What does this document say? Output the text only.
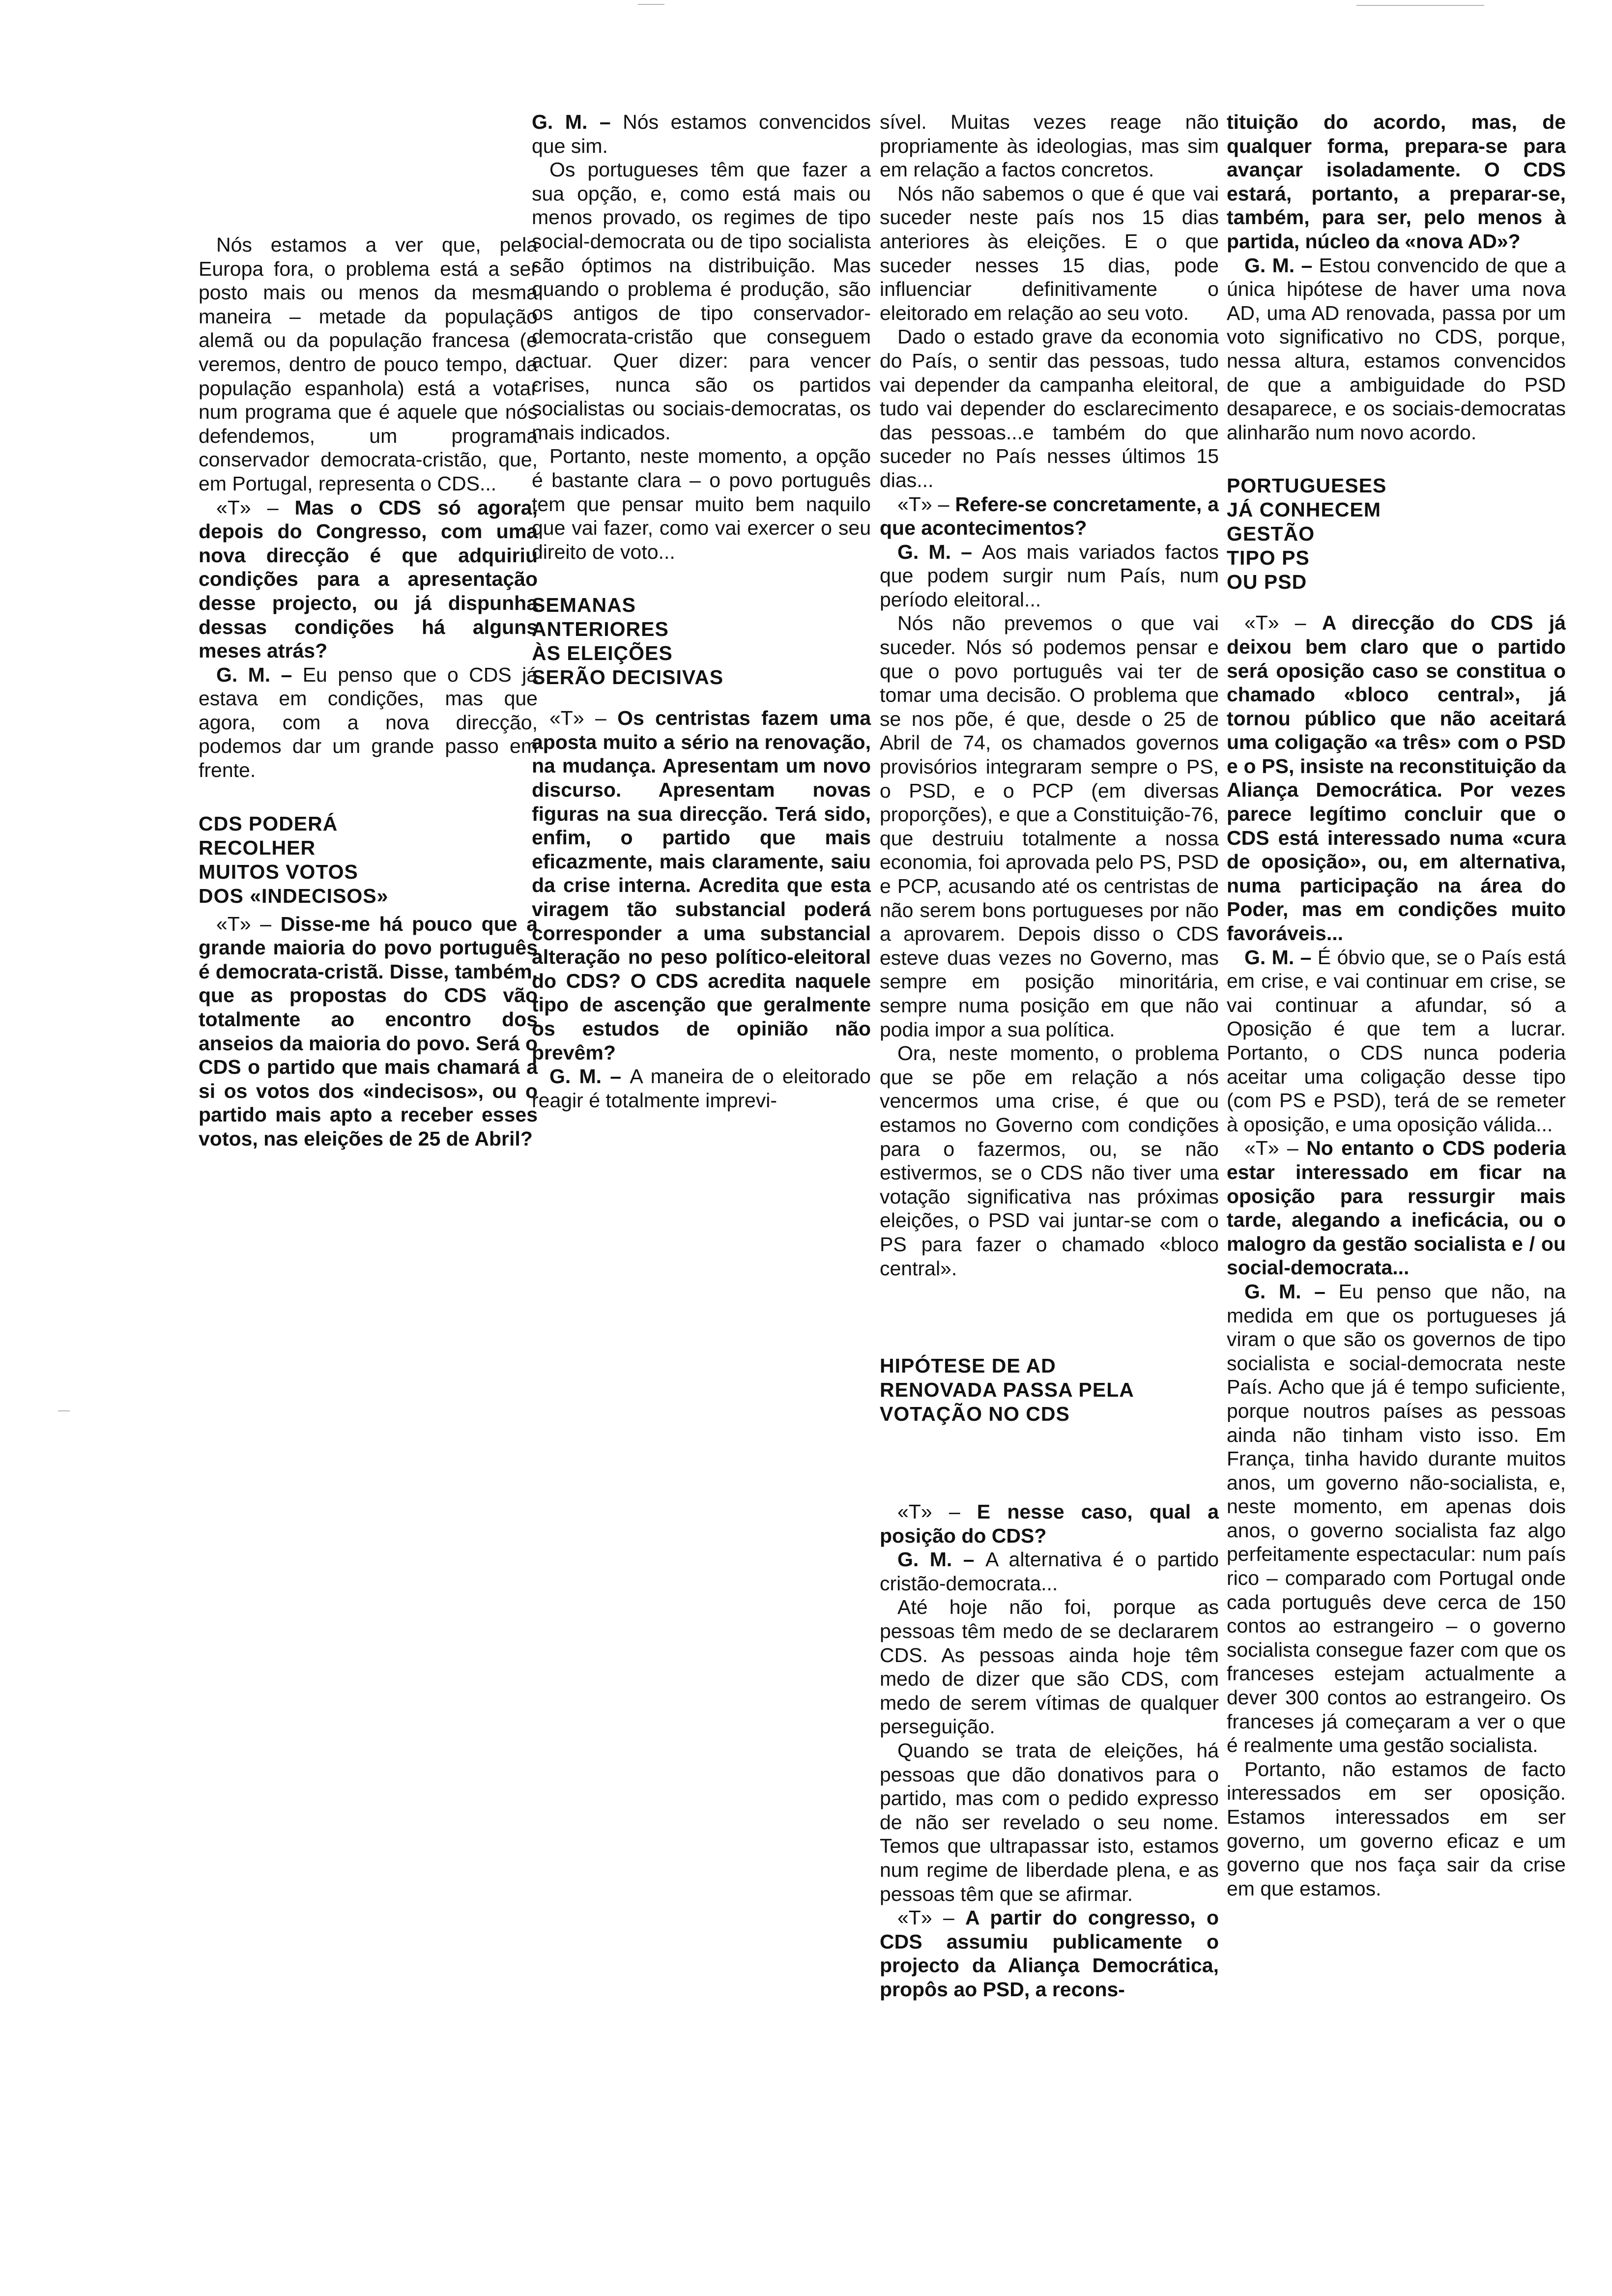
Nós estamos a ver que, pela Europa fora, o problema está a ser posto mais ou menos da mesma maneira – metade da população alemã ou da população francesa (e veremos, dentro de pouco tempo, da população espanhola) está a votar num programa que é aquele que nós defendemos, um programa conservador democrata-cristão, que, em Portugal, representa o CDS...

«T» – Mas o CDS só agora, depois do Congresso, com uma nova direcção é que adquiriu condições para a apresentação desse projecto, ou já dispunha dessas condições há alguns meses atrás?

G. M. – Eu penso que o CDS já estava em condições, mas que agora, com a nova direcção, podemos dar um grande passo em frente.

CDS PODERÁ
RECOLHER
MUITOS VOTOS
DOS «INDECISOS»

«T» – Disse-me há pouco que a grande maioria do povo português é democrata-cristã. Disse, também, que as propostas do CDS vão totalmente ao encontro dos anseios da maioria do povo. Será o CDS o partido que mais chamará a si os votos dos «indecisos», ou o partido mais apto a receber esses votos, nas eleições de 25 de Abril?

G. M. – Nós estamos convencidos que sim.

Os portugueses têm que fazer a sua opção, e, como está mais ou menos provado, os regimes de tipo social-democrata ou de tipo socialista são óptimos na distribuição. Mas quando o problema é produção, são os antigos de tipo conservador-democrata-cristão que conseguem actuar. Quer dizer: para vencer crises, nunca são os partidos socialistas ou sociais-democratas, os mais indicados.

Portanto, neste momento, a opção é bastante clara – o povo português tem que pensar muito bem naquilo que vai fazer, como vai exercer o seu direito de voto...

SEMANAS
ANTERIORES
ÀS ELEIÇÕES
SERÃO DECISIVAS

«T» – Os centristas fazem uma aposta muito a sério na renovação, na mudança. Apresentam um novo discurso. Apresentam novas figuras na sua direcção. Terá sido, enfim, o partido que mais eficazmente, mais claramente, saiu da crise interna. Acredita que esta viragem tão substancial poderá corresponder a uma substancial alteração no peso político-eleitoral do CDS? O CDS acredita naquele tipo de ascenção que geralmente os estudos de opinião não prevêm?

G. M. – A maneira de o eleitorado reagir é totalmente imprevi-

sível. Muitas vezes reage não propriamente às ideologias, mas sim em relação a factos concretos.

Nós não sabemos o que é que vai suceder neste país nos 15 dias anteriores às eleições. E o que suceder nesses 15 dias, pode influenciar definitivamente o eleitorado em relação ao seu voto.

Dado o estado grave da economia do País, o sentir das pessoas, tudo vai depender da campanha eleitoral, tudo vai depender do esclarecimento das pessoas...e também do que suceder no País nesses últimos 15 dias...

«T» – Refere-se concretamente, a que acontecimentos?

G. M. – Aos mais variados factos que podem surgir num País, num período eleitoral...

Nós não prevemos o que vai suceder. Nós só podemos pensar e que o povo português vai ter de tomar uma decisão. O problema que se nos põe, é que, desde o 25 de Abril de 74, os chamados governos provisórios integraram sempre o PS, o PSD, e o PCP (em diversas proporções), e que a Constituição-76, que destruiu totalmente a nossa economia, foi aprovada pelo PS, PSD e PCP, acusando até os centristas de não serem bons portugueses por não a aprovarem. Depois disso o CDS esteve duas vezes no Governo, mas sempre em posição minoritária, sempre numa posição em que não podia impor a sua política.

Ora, neste momento, o problema que se põe em relação a nós vencermos uma crise, é que ou estamos no Governo com condições para o fazermos, ou, se não estivermos, se o CDS não tiver uma votação significativa nas próximas eleições, o PSD vai juntar-se com o PS para fazer o chamado «bloco central».

HIPÓTESE DE AD
RENOVADA PASSA PELA
VOTAÇÃO NO CDS

«T» – E nesse caso, qual a posição do CDS?

G. M. – A alternativa é o partido cristão-democrata...

Até hoje não foi, porque as pessoas têm medo de se declararem CDS. As pessoas ainda hoje têm medo de dizer que são CDS, com medo de serem vítimas de qualquer perseguição.

Quando se trata de eleições, há pessoas que dão donativos para o partido, mas com o pedido expresso de não ser revelado o seu nome. Temos que ultrapassar isto, estamos num regime de liberdade plena, e as pessoas têm que se afirmar.

«T» – A partir do congresso, o CDS assumiu publicamente o projecto da Aliança Democrática, propôs ao PSD, a recons-

tituição do acordo, mas, de qualquer forma, prepara-se para avançar isoladamente. O CDS estará, portanto, a preparar-se, também, para ser, pelo menos à partida, núcleo da «nova AD»?

G. M. – Estou convencido de que a única hipótese de haver uma nova AD, uma AD renovada, passa por um voto significativo no CDS, porque, nessa altura, estamos convencidos de que a ambiguidade do PSD desaparece, e os sociais-democratas alinharão num novo acordo.

PORTUGUESES
JÁ CONHECEM
GESTÃO
TIPO PS
OU PSD

«T» – A direcção do CDS já deixou bem claro que o partido será oposição caso se constitua o chamado «bloco central», já tornou público que não aceitará uma coligação «a três» com o PSD e o PS, insiste na reconstituição da Aliança Democrática. Por vezes parece legítimo concluir que o CDS está interessado numa «cura de oposição», ou, em alternativa, numa participação na área do Poder, mas em condições muito favoráveis...

G. M. – É óbvio que, se o País está em crise, e vai continuar em crise, se vai continuar a afundar, só a Oposição é que tem a lucrar. Portanto, o CDS nunca poderia aceitar uma coligação desse tipo (com PS e PSD), terá de se remeter à oposição, e uma oposição válida...

«T» – No entanto o CDS poderia estar interessado em ficar na oposição para ressurgir mais tarde, alegando a ineficácia, ou o malogro da gestão socialista e / ou social-democrata...

G. M. – Eu penso que não, na medida em que os portugueses já viram o que são os governos de tipo socialista e social-democrata neste País. Acho que já é tempo suficiente, porque noutros países as pessoas ainda não tinham visto isso. Em França, tinha havido durante muitos anos, um governo não-socialista, e, neste momento, em apenas dois anos, o governo socialista faz algo perfeitamente espectacular: num país rico – comparado com Portugal onde cada português deve cerca de 150 contos ao estrangeiro – o governo socialista consegue fazer com que os franceses estejam actualmente a dever 300 contos ao estrangeiro. Os franceses já começaram a ver o que é realmente uma gestão socialista.

Portanto, não estamos de facto interessados em ser oposição. Estamos interessados em ser governo, um governo eficaz e um governo que nos faça sair da crise em que estamos.
